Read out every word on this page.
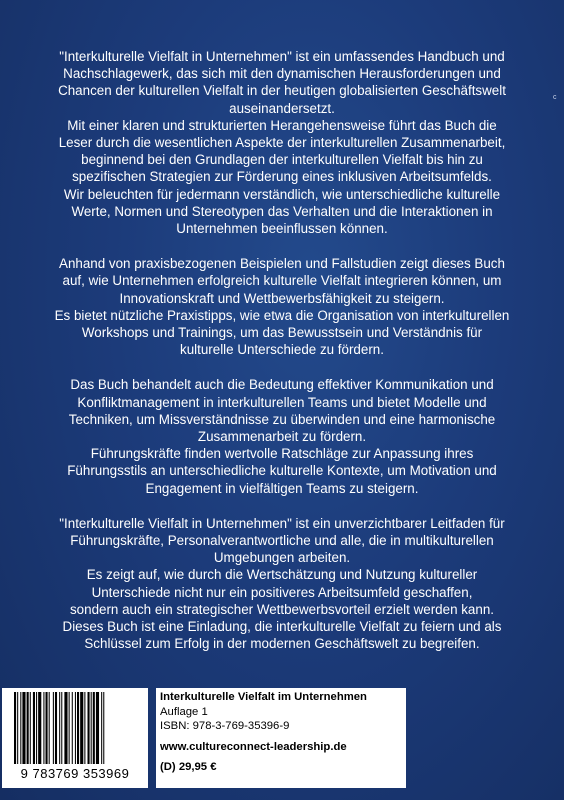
"Interkulturelle Vielfalt in Unternehmen" ist ein umfassendes Handbuch und
Nachschlagewerk, das sich mit den dynamischen Herausforderungen und
Chancen der kulturellen Vielfalt in der heutigen globalisierten Geschäftswelt
auseinandersetzt.
Mit einer klaren und strukturierten Herangehensweise führt das Buch die
Leser durch die wesentlichen Aspekte der interkulturellen Zusammenarbeit,
beginnend bei den Grundlagen der interkulturellen Vielfalt bis hin zu
spezifischen Strategien zur Förderung eines inklusiven Arbeitsumfelds.
Wir beleuchten für jedermann verständlich, wie unterschiedliche kulturelle
Werte, Normen und Stereotypen das Verhalten und die Interaktionen in
Unternehmen beeinflussen können.

Anhand von praxisbezogenen Beispielen und Fallstudien zeigt dieses Buch
auf, wie Unternehmen erfolgreich kulturelle Vielfalt integrieren können, um
Innovationskraft und Wettbewerbsfähigkeit zu steigern.
Es bietet nützliche Praxistipps, wie etwa die Organisation von interkulturellen
Workshops und Trainings, um das Bewusstsein und Verständnis für
kulturelle Unterschiede zu fördern.

Das Buch behandelt auch die Bedeutung effektiver Kommunikation und
Konfliktmanagement in interkulturellen Teams und bietet Modelle und
Techniken, um Missverständnisse zu überwinden und eine harmonische
Zusammenarbeit zu fördern.
Führungskräfte finden wertvolle Ratschläge zur Anpassung ihres
Führungsstils an unterschiedliche kulturelle Kontexte, um Motivation und
Engagement in vielfältigen Teams zu steigern.

"Interkulturelle Vielfalt in Unternehmen" ist ein unverzichtbarer Leitfaden für
Führungskräfte, Personalverantwortliche und alle, die in multikulturellen
Umgebungen arbeiten.
Es zeigt auf, wie durch die Wertschätzung und Nutzung kultureller
Unterschiede nicht nur ein positiveres Arbeitsumfeld geschaffen,
sondern auch ein strategischer Wettbewerbsvorteil erzielt werden kann.
Dieses Buch ist eine Einladung, die interkulturelle Vielfalt zu feiern und als
Schlüssel zum Erfolg in der modernen Geschäftswelt zu begreifen.

c
9 783769 353969
Interkulturelle Vielfalt im Unternehmen
Auflage 1
ISBN: 978-3-769-35396-9
www.cultureconnect-leadership.de
(D) 29,95 €
